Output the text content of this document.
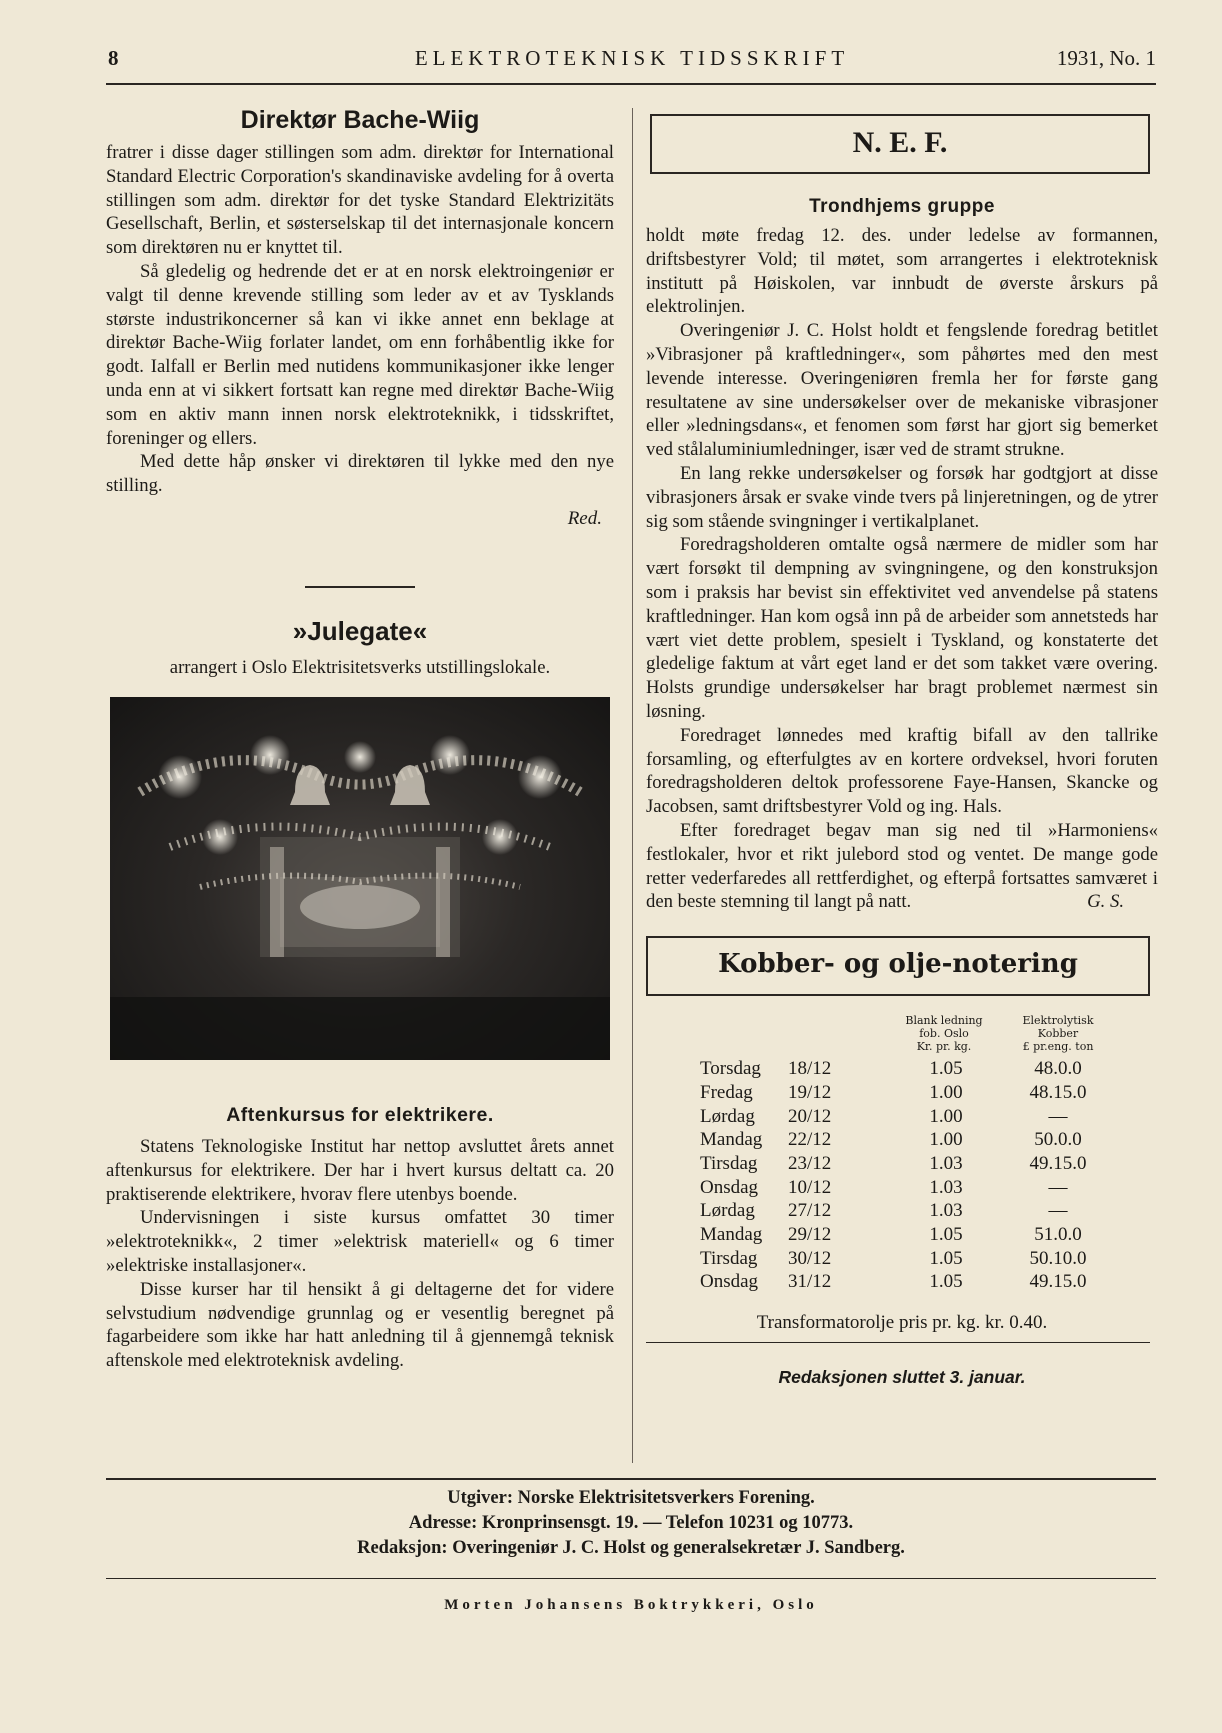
8	ELEKTROTEKNISK TIDSSKRIFT	1931, No. 1
Direktør Bache-Wiig

fratrer i disse dager stillingen som adm. direktør for International Standard Electric Corporation's skandinaviske avdeling for å overta stillingen som adm. direktør for det tyske Standard Elektrizitäts Gesellschaft, Berlin, et søsterselskap til det internasjonale koncern som direktøren nu er knyttet til.

Så gledelig og hedrende det er at en norsk elektroingeniør er valgt til denne krevende stilling som leder av et av Tysklands største industrikoncerner så kan vi ikke annet enn beklage at direktør Bache-Wiig forlater landet, om enn forhåbentlig ikke for godt. Ialfall er Berlin med nutidens kommunikasjoner ikke lenger unda enn at vi sikkert fortsatt kan regne med direktør Bache-Wiig som en aktiv mann innen norsk elektroteknikk, i tidsskriftet, foreninger og ellers.

Med dette håp ønsker vi direktøren til lykke med den nye stilling.

Red.
»Julegate«

arrangert i Oslo Elektrisitetsverks utstillingslokale.

Aftenkursus for elektrikere.

Statens Teknologiske Institut har nettop avsluttet årets annet aftenkursus for elektrikere. Der har i hvert kursus deltatt ca. 20 praktiserende elektrikere, hvorav flere utenbys boende.

Undervisningen i siste kursus omfattet 30 timer »elektroteknikk«, 2 timer »elektrisk materiell« og 6 timer »elektriske installasjoner«.

Disse kurser har til hensikt å gi deltagerne det for videre selvstudium nødvendige grunnlag og er vesentlig beregnet på fagarbeidere som ikke har hatt anledning til å gjennemgå teknisk aftenskole med elektroteknisk avdeling.

N. E. F.
Trondhjems gruppe

holdt møte fredag 12. des. under ledelse av formannen, driftsbestyrer Vold; til møtet, som arrangertes i elektroteknisk institutt på Høiskolen, var innbudt de øverste årskurs på elektrolinjen.

Overingeniør J. C. Holst holdt et fengslende foredrag betitlet »Vibrasjoner på kraftledninger«, som påhørtes med den mest levende interesse. Overingeniøren fremla her for første gang resultatene av sine undersøkelser over de mekaniske vibrasjoner eller »ledningsdans«, et fenomen som først har gjort sig bemerket ved stålaluminiumledninger, især ved de stramt strukne.

En lang rekke undersøkelser og forsøk har godtgjort at disse vibrasjoners årsak er svake vinde tvers på linjeretningen, og de ytrer sig som stående svingninger i vertikalplanet.

Foredragsholderen omtalte også nærmere de midler som har vært forsøkt til dempning av svingningene, og den konstruksjon som i praksis har bevist sin effektivitet ved anvendelse på statens kraftledninger. Han kom også inn på de arbeider som annetsteds har vært viet dette problem, spesielt i Tyskland, og konstaterte det gledelige faktum at vårt eget land er det som takket være overing. Holsts grundige undersøkelser har bragt problemet nærmest sin løsning.

Foredraget lønnedes med kraftig bifall av den tallrike forsamling, og efterfulgtes av en kortere ordveksel, hvori foruten foredragsholderen deltok professorene Faye-Hansen, Skancke og Jacobsen, samt driftsbestyrer Vold og ing. Hals.

Efter foredraget begav man sig ned til »Harmoniens« festlokaler, hvor et rikt julebord stod og ventet. De mange gode retter vederfaredes all rettferdighet, og efterpå fortsattes samværet i den beste stemning til langt på natt.	G. S.

Kobber- og olje-notering
Blank ledning
fob. Oslo
Kr. pr. kg.
Elektrolytisk
Kobber
£ pr.eng. ton
Torsdag 18/12	1.05	48.0.0
Fredag 19/12	1.00	48.15.0
Lørdag 20/12	1.00	—
Mandag 22/12	1.00	50.0.0
Tirsdag 23/12	1.03	49.15.0
Onsdag 10/12	1.03	—
Lørdag 27/12	1.03	—
Mandag 29/12	1.05	51.0.0
Tirsdag 30/12	1.05	50.10.0
Onsdag 31/12	1.05	49.15.0
Transformatorolje pris pr. kg. kr. 0.40.
Redaksjonen sluttet 3. januar.
Utgiver: Norske Elektrisitetsverkers Forening.
Adresse: Kronprinsensgt. 19. — Telefon 10231 og 10773.
Redaksjon: Overingeniør J. C. Holst og generalsekretær J. Sandberg.
Morten Johansens Boktrykkeri, Oslo
